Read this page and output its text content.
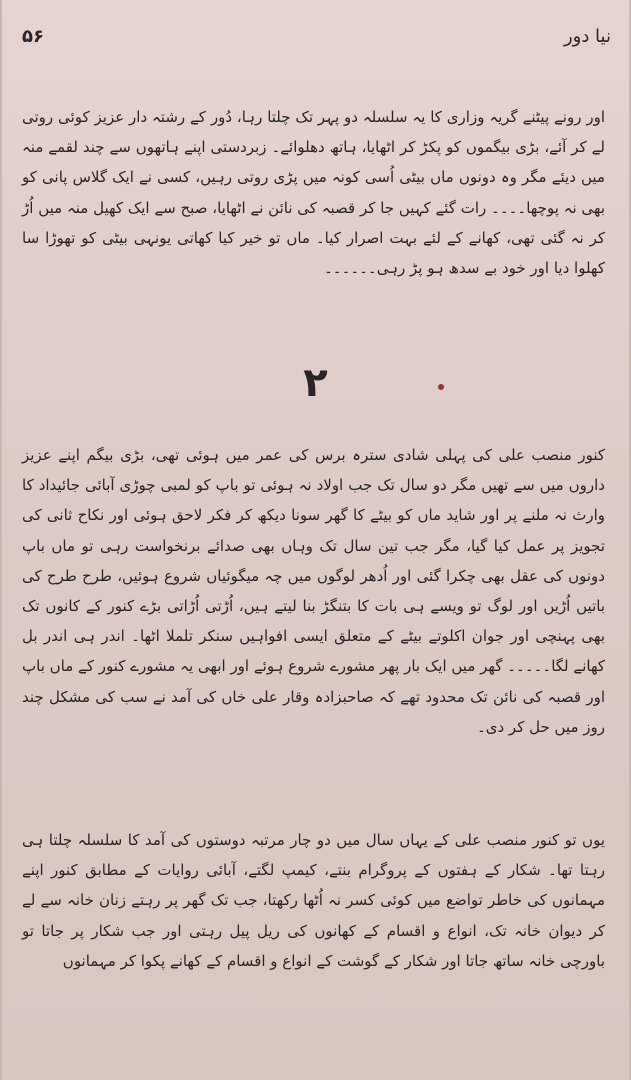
۵۶	نیا دور

اور رونے پیٹنے گریہ وزاری کا یہ سلسلہ دو پہر تک چلتا رہا، دُور کے رشتہ دار عزیز کوئی روتی لے کر آئے، بڑی بیگموں کو پکڑ کر اٹھایا، ہاتھ دھلوائے۔ زبردستی اپنے ہاتھوں سے چند لقمے منہ میں دیئے مگر وہ دونوں ماں بیٹی اُسی کونہ میں پڑی روتی رہیں، کسی نے ایک گلاس پانی کو بھی نہ پوچھا۔۔۔۔ رات گئے کہیں جا کر قصبہ کی نائن نے اٹھایا، صبح سے ایک کھیل منہ میں اُڑ کر نہ گئی تھی، کھانے کے لئے بہت اصرار کیا۔ ماں تو خیر کیا کھاتی یونہی بیٹی کو تھوڑا سا کھلوا دیا اور خود بے سدھ ہو پڑ رہی۔۔۔۔۔۔

۲

کنور منصب علی کی پہلی شادی سترہ برس کی عمر میں ہوئی تھی، بڑی بیگم اپنے عزیز داروں میں سے تھیں مگر دو سال تک جب اولاد نہ ہوئی تو باپ کو لمبی چوڑی آبائی جائیداد کا وارث نہ ملنے پر اور شاید ماں کو بیٹے کا گھر سونا دیکھ کر فکر لاحق ہوئی اور نکاح ثانی کی تجویز پر عمل کیا گیا، مگر جب تین سال تک وہاں بھی صدائے برنخواست رہی تو ماں باپ دونوں کی عقل بھی چکرا گئی اور اُدھر لوگوں میں چہ میگوئیاں شروع ہوئیں، طرح طرح کی باتیں اُڑیں اور لوگ تو ویسے ہی بات کا بتنگڑ بنا لیتے ہیں، اُڑتی اُڑاتی بڑے کنور کے کانوں تک بھی پہنچی اور جوان اکلوتے بیٹے کے متعلق ایسی افواہیں سنکر تلملا اٹھا۔ اندر ہی اندر بل کھانے لگا۔۔۔۔۔ گھر میں ایک بار پھر مشورے شروع ہوئے اور ابھی یہ مشورے کنور کے ماں باپ اور قصبہ کی نائن تک محدود تھے کہ صاحبزادہ وقار علی خاں کی آمد نے سب کی مشکل چند روز میں حل کر دی۔

یوں تو کنور منصب علی کے یہاں سال میں دو چار مرتبہ دوستوں کی آمد کا سلسلہ چلتا ہی رہتا تھا۔ شکار کے ہفتوں کے پروگرام بنتے، کیمپ لگتے، آبائی روایات کے مطابق کنور اپنے مہمانوں کی خاطر تواضع میں کوئی کسر نہ اُٹھا رکھتا، جب تک گھر پر رہتے زنان خانہ سے لے کر دیوان خانہ تک، انواع و اقسام کے کھانوں کی ریل پیل رہتی اور جب شکار پر جاتا تو باورچی خانہ ساتھ جاتا اور شکار کے گوشت کے انواع و اقسام کے کھانے پکوا کر مہمانوں
